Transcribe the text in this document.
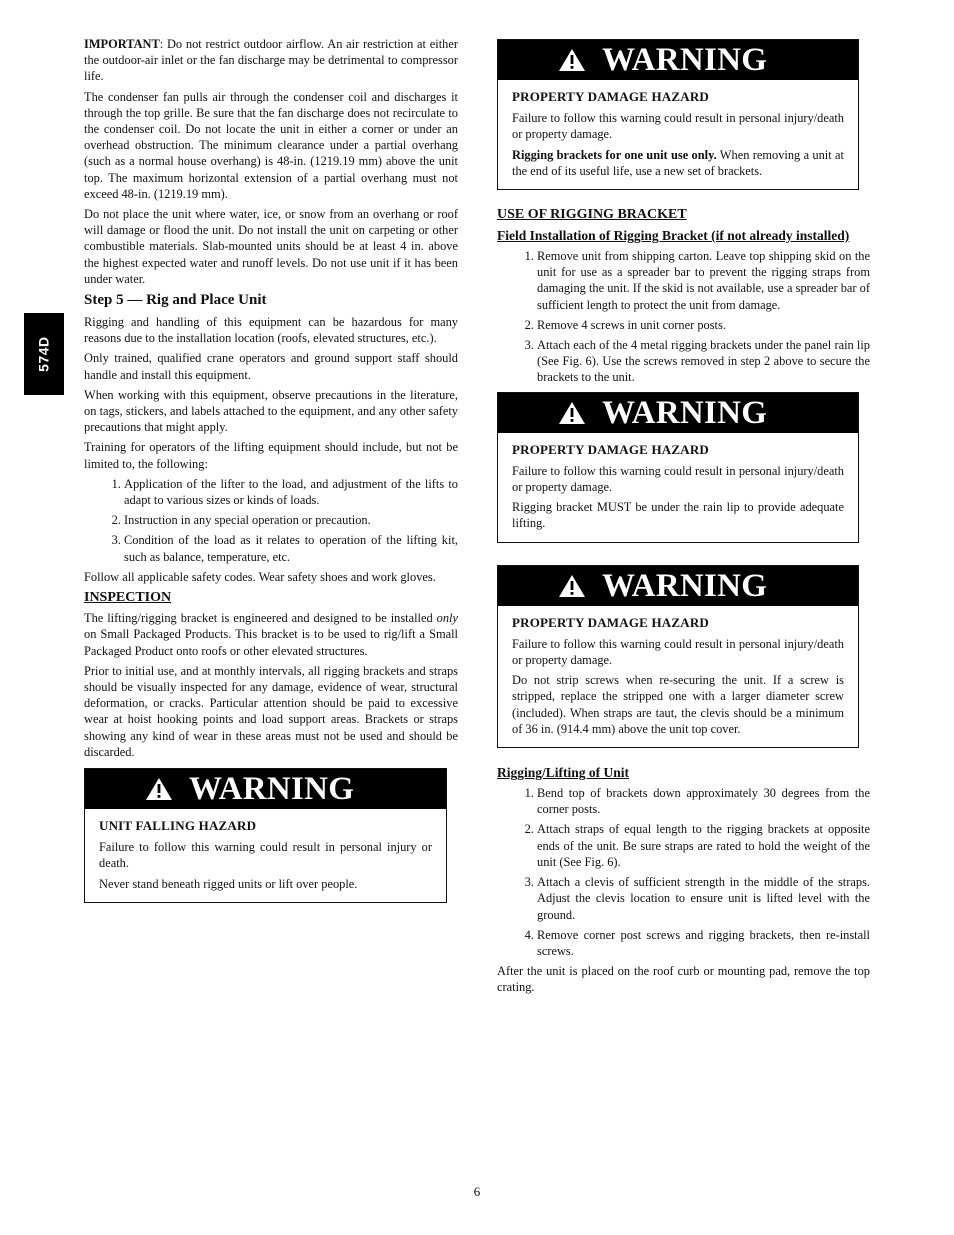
574D

IMPORTANT: Do not restrict outdoor airflow. An air restriction at either the outdoor-air inlet or the fan discharge may be detrimental to compressor life.

The condenser fan pulls air through the condenser coil and discharges it through the top grille. Be sure that the fan discharge does not recirculate to the condenser coil. Do not locate the unit in either a corner or under an overhead obstruction. The minimum clearance under a partial overhang (such as a normal house overhang) is 48-in. (1219.19 mm) above the unit top. The maximum horizontal extension of a partial overhang must not exceed 48-in. (1219.19 mm).

Do not place the unit where water, ice, or snow from an overhang or roof will damage or flood the unit. Do not install the unit on carpeting or other combustible materials. Slab-mounted units should be at least 4 in. above the highest expected water and runoff levels. Do not use unit if it has been under water.

Step 5 — Rig and Place Unit

Rigging and handling of this equipment can be hazardous for many reasons due to the installation location (roofs, elevated structures, etc.).

Only trained, qualified crane operators and ground support staff should handle and install this equipment.

When working with this equipment, observe precautions in the literature, on tags, stickers, and labels attached to the equipment, and any other safety precautions that might apply.

Training for operators of the lifting equipment should include, but not be limited to, the following:

1. Application of the lifter to the load, and adjustment of the lifts to adapt to various sizes or kinds of loads.
2. Instruction in any special operation or precaution.
3. Condition of the load as it relates to operation of the lifting kit, such as balance, temperature, etc.

Follow all applicable safety codes. Wear safety shoes and work gloves.

INSPECTION

The lifting/rigging bracket is engineered and designed to be installed only on Small Packaged Products. This bracket is to be used to rig/lift a Small Packaged Product onto roofs or other elevated structures.

Prior to initial use, and at monthly intervals, all rigging brackets and straps should be visually inspected for any damage, evidence of wear, structural deformation, or cracks. Particular attention should be paid to excessive wear at hoist hooking points and load support areas. Brackets or straps showing any kind of wear in these areas must not be used and should be discarded.

WARNING
UNIT FALLING HAZARD

Failure to follow this warning could result in personal injury or death.

Never stand beneath rigged units or lift over people.

WARNING
PROPERTY DAMAGE HAZARD

Failure to follow this warning could result in personal injury/death or property damage.

Rigging brackets for one unit use only. When removing a unit at the end of its useful life, use a new set of brackets.

USE OF RIGGING BRACKET
Field Installation of Rigging Bracket (if not already installed)
1. Remove unit from shipping carton. Leave top shipping skid on the unit for use as a spreader bar to prevent the rigging straps from damaging the unit. If the skid is not available, use a spreader bar of sufficient length to protect the unit from damage.
2. Remove 4 screws in unit corner posts.
3. Attach each of the 4 metal rigging brackets under the panel rain lip (See Fig. 6). Use the screws removed in step 2 above to secure the brackets to the unit.
WARNING
PROPERTY DAMAGE HAZARD

Failure to follow this warning could result in personal injury/death or property damage.

Rigging bracket MUST be under the rain lip to provide adequate lifting.

WARNING
PROPERTY DAMAGE HAZARD

Failure to follow this warning could result in personal injury/death or property damage.

Do not strip screws when re-securing the unit. If a screw is stripped, replace the stripped one with a larger diameter screw (included). When straps are taut, the clevis should be a minimum of 36 in. (914.4 mm) above the unit top cover.

Rigging/Lifting of Unit
1. Bend top of brackets down approximately 30 degrees from the corner posts.
2. Attach straps of equal length to the rigging brackets at opposite ends of the unit. Be sure straps are rated to hold the weight of the unit (See Fig. 6).
3. Attach a clevis of sufficient strength in the middle of the straps. Adjust the clevis location to ensure unit is lifted level with the ground.
4. Remove corner post screws and rigging brackets, then re-install screws.

After the unit is placed on the roof curb or mounting pad, remove the top crating.

6
